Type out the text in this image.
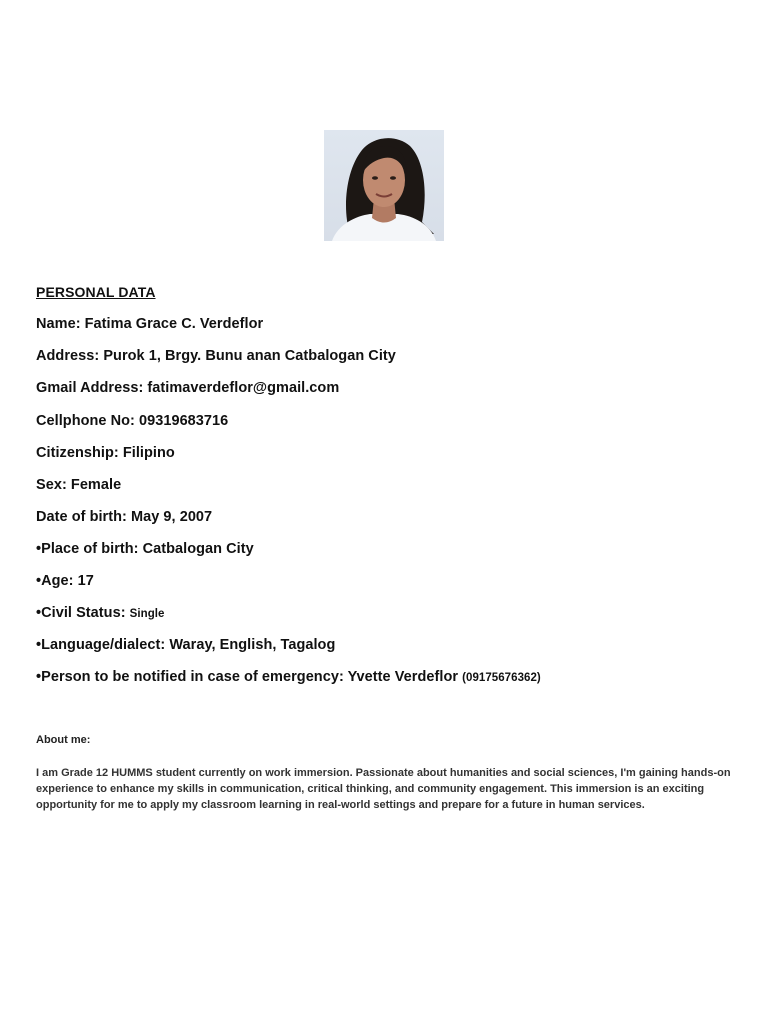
PERSONAL DATA
Name: Fatima Grace C. Verdeflor
Address: Purok 1, Brgy. Bunu anan Catbalogan City
Gmail Address: fatimaverdeflor@gmail.com
Cellphone No: 09319683716
Citizenship: Filipino
Sex: Female
Date of birth: May 9, 2007
•Place of birth: Catbalogan City
•Age: 17
•Civil Status: Single
•Language/dialect: Waray, English, Tagalog
•Person to be notified in case of emergency: Yvette Verdeflor (09175676362)
About me:
I am Grade 12 HUMMS student currently on work immersion. Passionate about humanities and social sciences, I'm gaining hands-on experience to enhance my skills in communication, critical thinking, and community engagement. This immersion is an exciting opportunity for me to apply my classroom learning in real-world settings and prepare for a future in human services.
